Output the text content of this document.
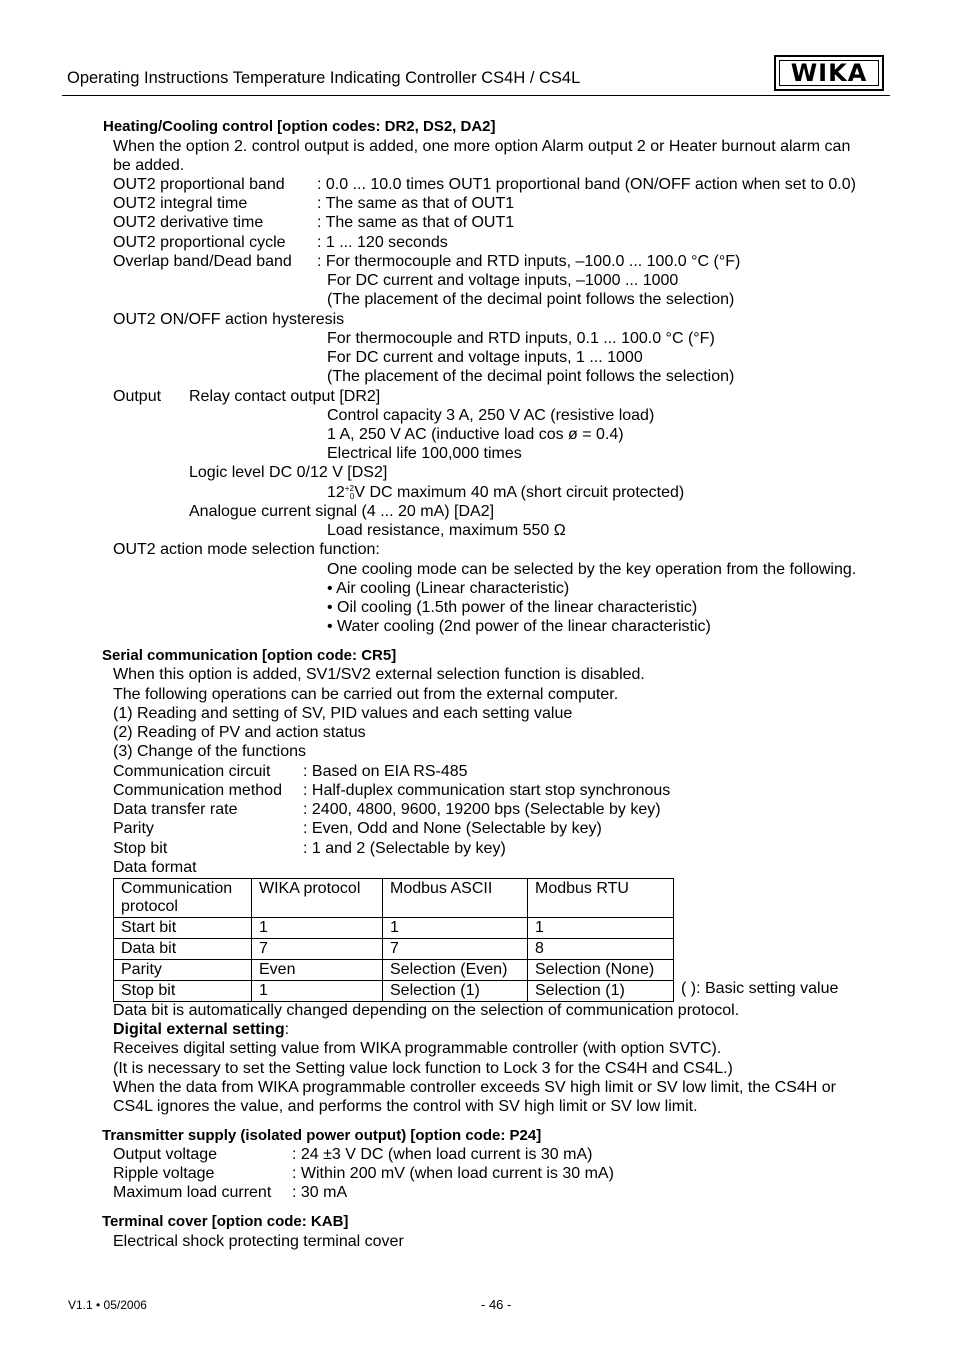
Operating Instructions Temperature Indicating Controller CS4H / CS4L	WIKA
Heating/Cooling control [option codes: DR2, DS2, DA2]
When the option 2. control output is added, one more option Alarm output 2 or Heater burnout alarm can
be added.
OUT2 proportional band : 0.0 ... 10.0 times OUT1 proportional band (ON/OFF action when set to 0.0)
OUT2 integral time	: The same as that of OUT1
OUT2 derivative time	: The same as that of OUT1
OUT2 proportional cycle : 1 ... 120 seconds
Overlap band/Dead band : For thermocouple and RTD inputs, –100.0 ... 100.0 °C (°F)
For DC current and voltage inputs, –1000 ... 1000
(The placement of the decimal point follows the selection)
OUT2 ON/OFF action hysteresis
For thermocouple and RTD inputs, 0.1 ... 100.0 °C (°F)
For DC current and voltage inputs, 1 ... 1000
(The placement of the decimal point follows the selection)
Output Relay contact output [DR2]
Control capacity 3 A, 250 V AC (resistive load)
1 A, 250 V AC (inductive load cos ø = 0.4)
Electrical life 100,000 times
Logic level DC 0/12 V [DS2]
$12^{+2}0V$ DC maximum 40 mA (short circuit protected)
Analogue current signal (4 ... 20 mA) [DA2]
Load resistance, maximum 550 Ω
OUT2 action mode selection function:
One cooling mode can be selected by the key operation from the following.
• Air cooling (Linear characteristic)
• Oil cooling (1.5th power of the linear characteristic)
• Water cooling (2nd power of the linear characteristic)
Serial communication [option code: CR5]
When this option is added, SV1/SV2 external selection function is disabled.
The following operations can be carried out from the external computer.
(1) Reading and setting of SV, PID values and each setting value
(2) Reading of PV and action status
(3) Change of the functions
Communication circuit : Based on EIA RS-485
Communication method : Half-duplex communication start stop synchronous
Data transfer rate	: 2400, 4800, 9600, 19200 bps (Selectable by key)
Parity	: Even, Odd and None (Selectable by key)
Stop bit	: 1 and 2 (Selectable by key)
Data format
Communication protocol	WIKA protocol	Modbus ASCII	Modbus RTU
Start bit	1	1	1
Data bit	7	7	8
Parity	Even	Selection (Even)	Selection (None)
Stop bit	1	Selection (1)	Selection (1)	( ): Basic setting value
Data bit is automatically changed depending on the selection of communication protocol.
Digital external setting:
Receives digital setting value from WIKA programmable controller (with option SVTC).
(It is necessary to set the Setting value lock function to Lock 3 for the CS4H and CS4L.)
When the data from WIKA programmable controller exceeds SV high limit or SV low limit, the CS4H or
CS4L ignores the value, and performs the control with SV high limit or SV low limit.
Transmitter supply (isolated power output) [option code: P24]
Output voltage	: 24 ±3 V DC (when load current is 30 mA)
Ripple voltage	: Within 200 mV (when load current is 30 mA)
Maximum load current : 30 mA
Terminal cover [option code: KAB]
Electrical shock protecting terminal cover
V1.1 • 05/2006	- 46 -
